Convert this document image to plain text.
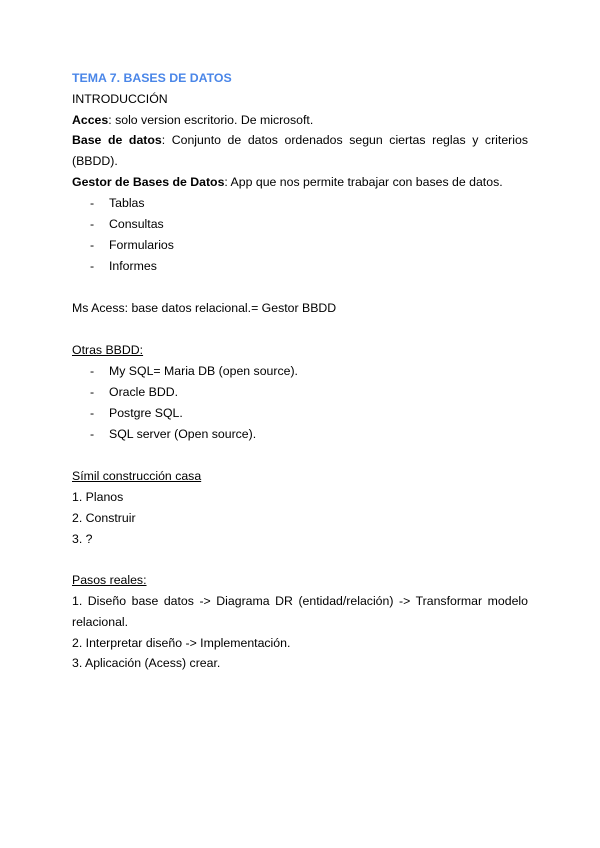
TEMA 7. BASES DE DATOS

INTRODUCCIÓN

Acces: solo version escritorio. De microsoft.

Base de datos: Conjunto de datos ordenados segun ciertas reglas y criterios (BBDD).

Gestor de Bases de Datos: App que nos permite trabajar con bases de datos.

- Tablas
- Consultas
- Formularios
- Informes

Ms Acess: base datos relacional.= Gestor BBDD

Otras BBDD:

- My SQL= Maria DB (open source).
- Oracle BDD.
- Postgre SQL.
- SQL server (Open source).

Símil construcción casa

1. Planos

2. Construir

3. ?

Pasos reales:

1. Diseño base datos -> Diagrama DR (entidad/relación) -> Transformar modelo relacional.

2. Interpretar diseño -> Implementación.

3. Aplicación (Acess) crear.
